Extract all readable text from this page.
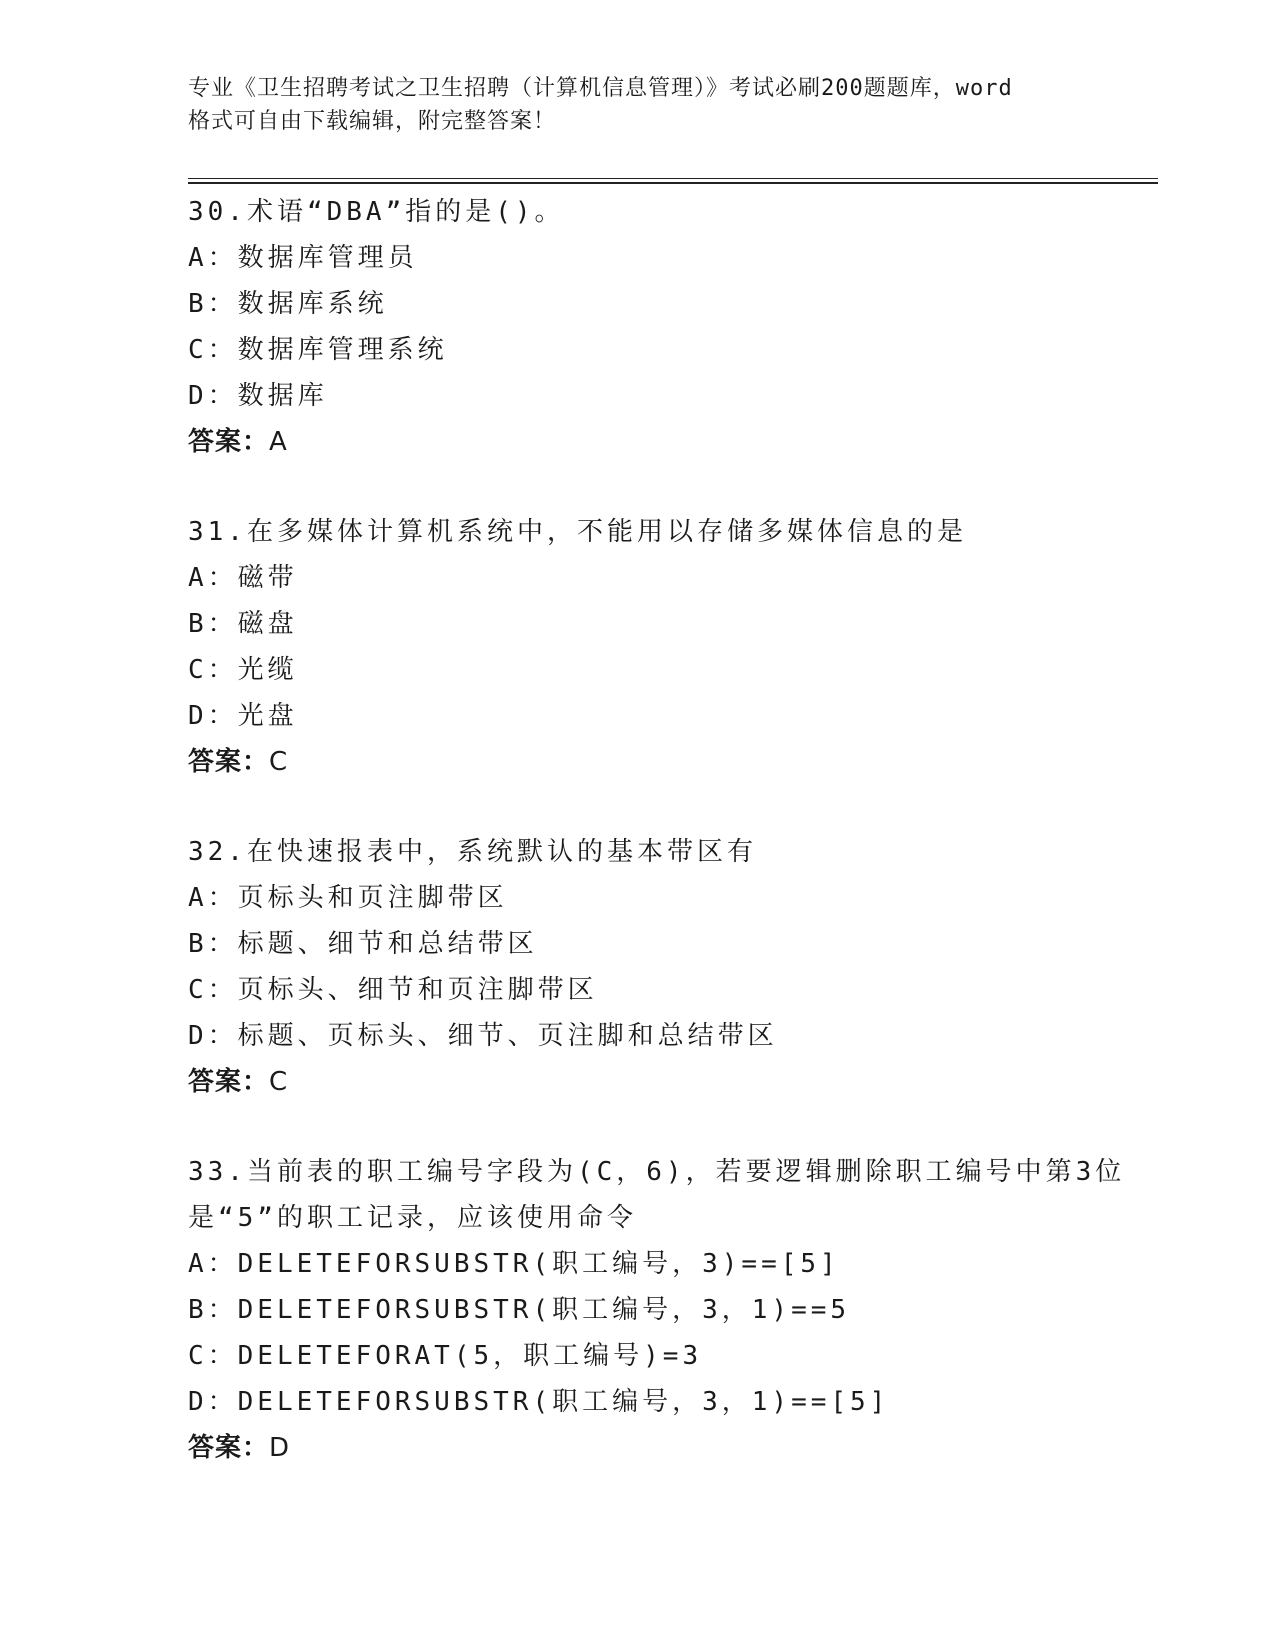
专业《卫生招聘考试之卫生招聘（计算机信息管理）》考试必刷200题题库，word
格式可自由下载编辑，附完整答案！
30.术语“DBA”指的是()。
A：数据库管理员
B：数据库系统
C：数据库管理系统
D：数据库
答案：A
31.在多媒体计算机系统中，不能用以存储多媒体信息的是
A：磁带
B：磁盘
C：光缆
D：光盘
答案：C
32.在快速报表中，系统默认的基本带区有
A：页标头和页注脚带区
B：标题、细节和总结带区
C：页标头、细节和页注脚带区
D：标题、页标头、细节、页注脚和总结带区
答案：C
33.当前表的职工编号字段为(C，6)，若要逻辑删除职工编号中第3位是“5”的职工记录，应该使用命令
A：DELETEFORSUBSTR(职工编号，3)==[5]
B：DELETEFORSUBSTR(职工编号，3，1)==5
C：DELETEFORAT(5，职工编号)=3
D：DELETEFORSUBSTR(职工编号，3，1)==[5]
答案：D
